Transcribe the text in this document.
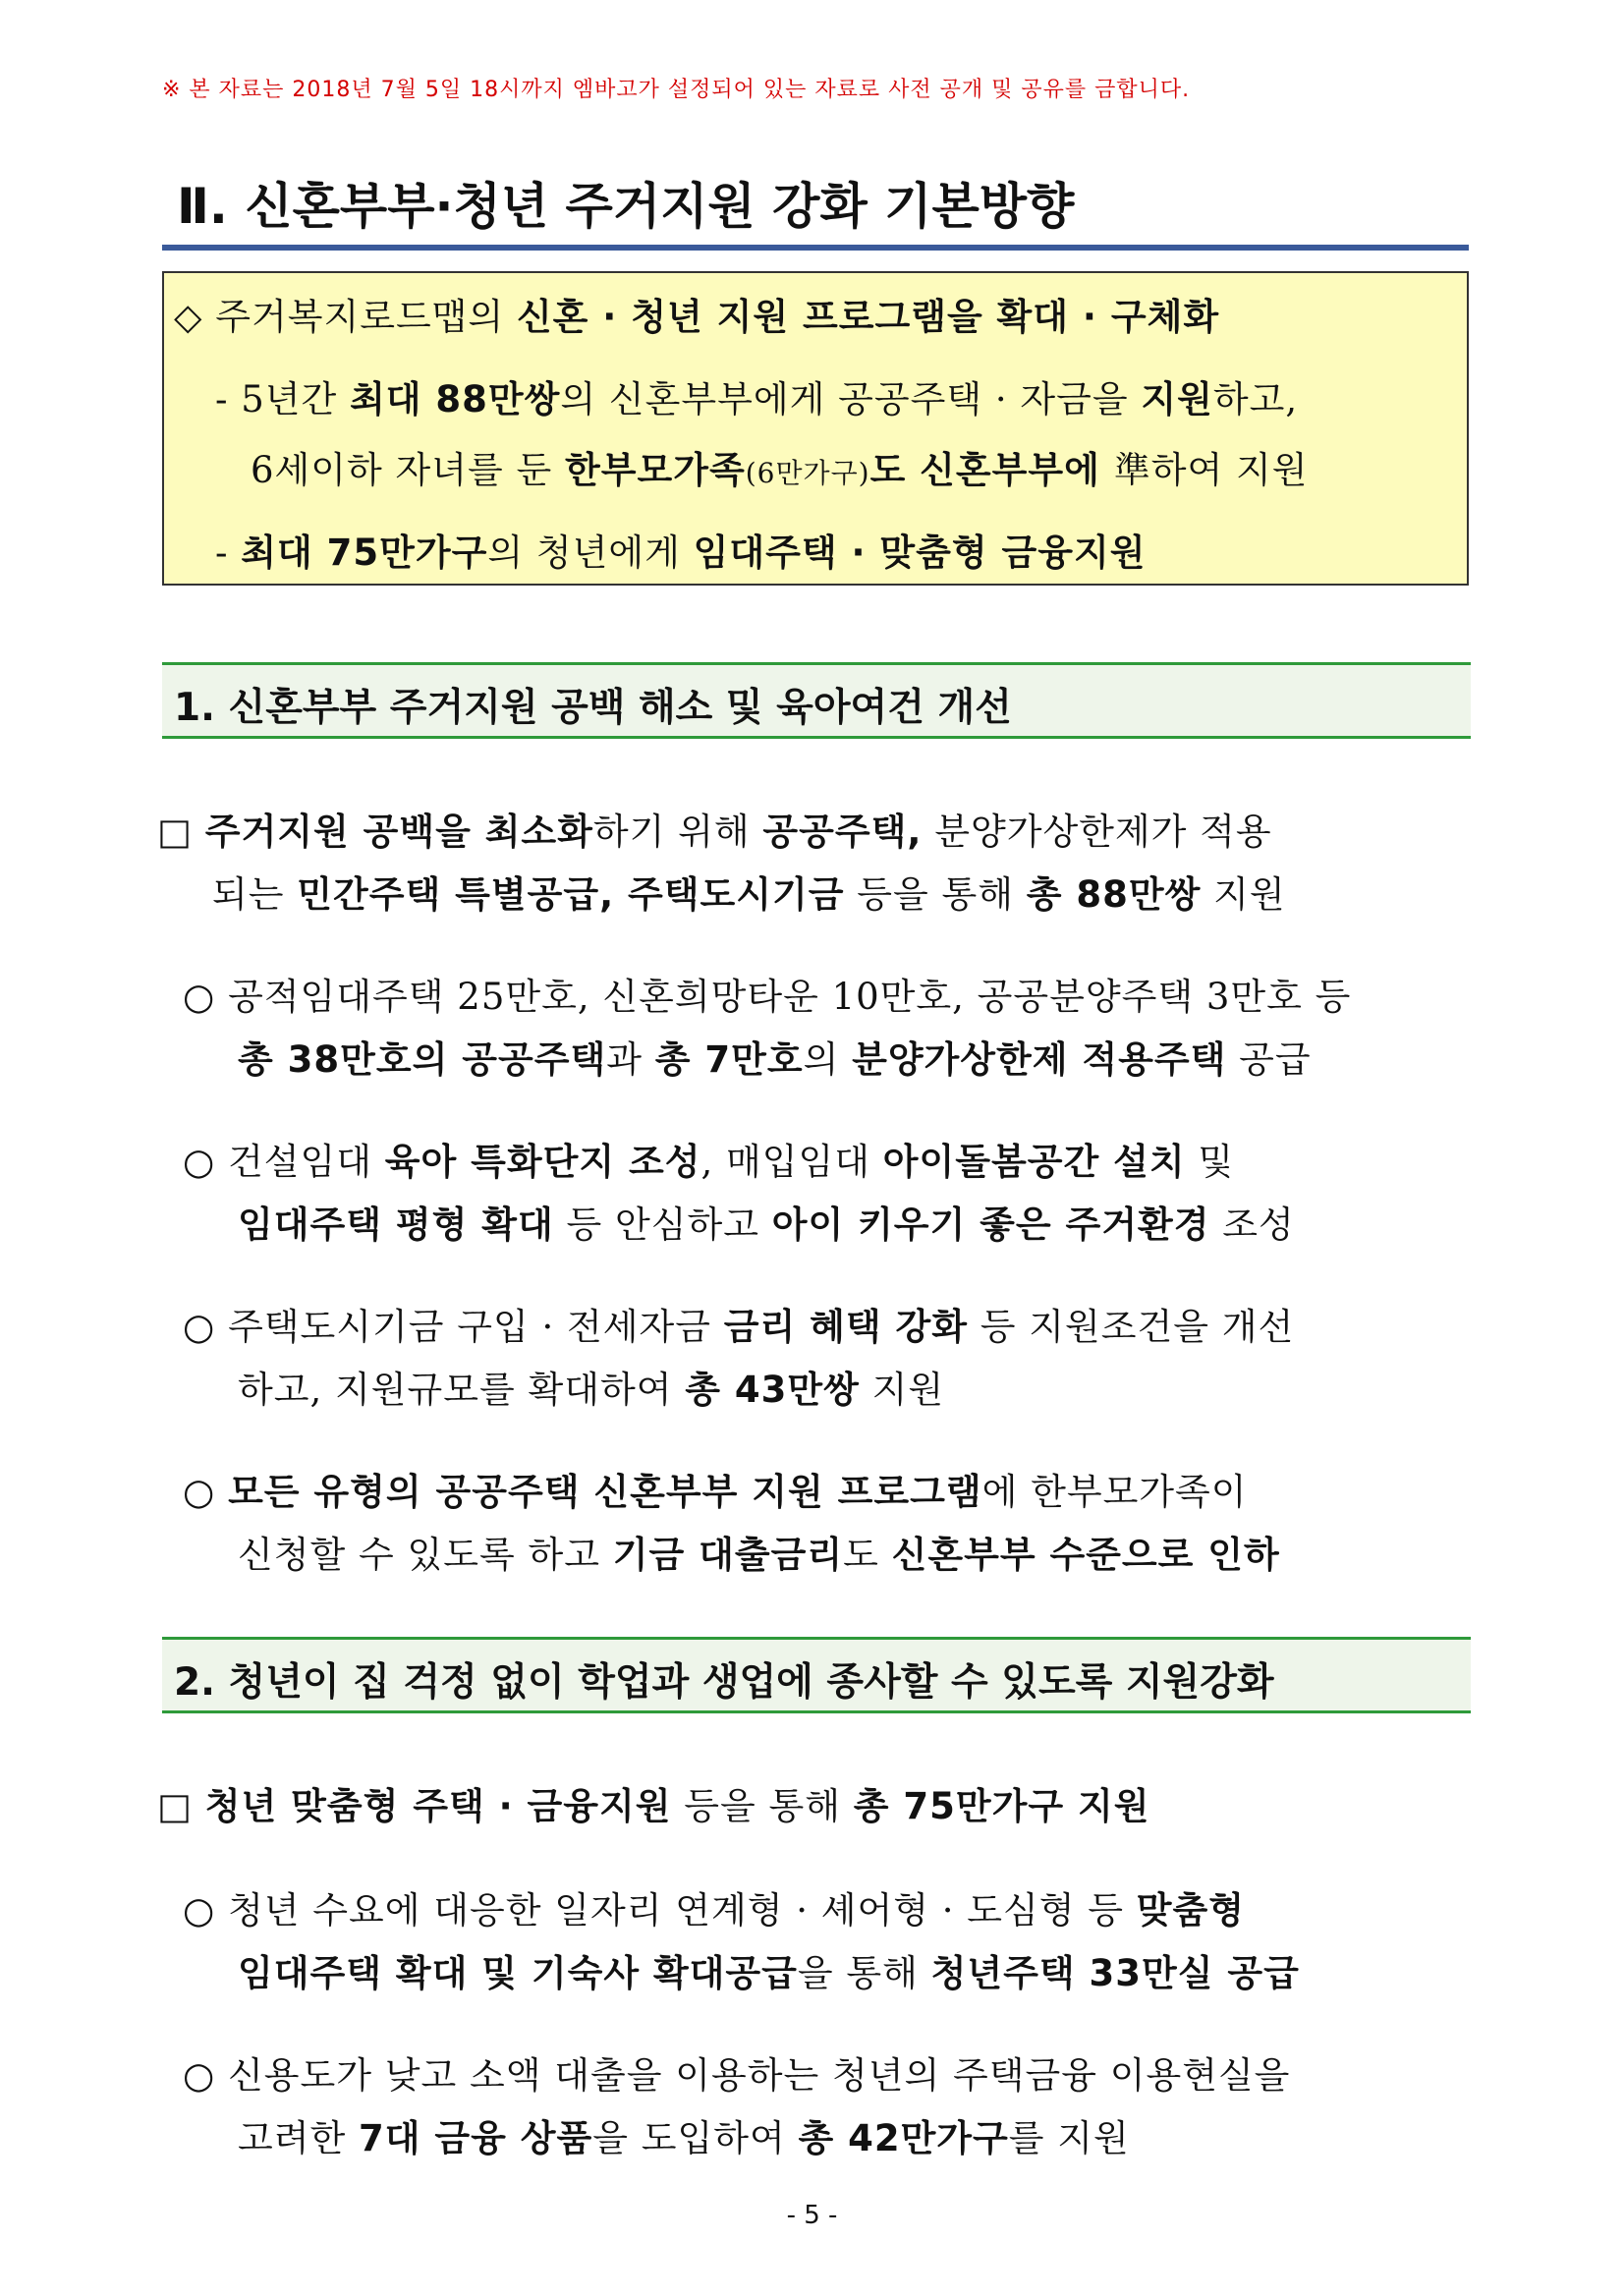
※ 본 자료는 2018년 7월 5일 18시까지 엠바고가 설정되어 있는 자료로 사전 공개 및 공유를 금합니다.
Ⅱ. 신혼부부·청년 주거지원 강화 기본방향
◇ 주거복지로드맵의 신혼 · 청년 지원 프로그램을 확대 · 구체화
- 5년간 최대 88만쌍의 신혼부부에게 공공주택 · 자금을 지원하고,
6세이하 자녀를 둔 한부모가족(6만가구)도 신혼부부에 準하여 지원
- 최대 75만가구의 청년에게 임대주택 · 맞춤형 금융지원
1. 신혼부부 주거지원 공백 해소 및 육아여건 개선
□ 주거지원 공백을 최소화하기 위해 공공주택, 분양가상한제가 적용
되는 민간주택 특별공급, 주택도시기금 등을 통해 총 88만쌍 지원
○ 공적임대주택 25만호, 신혼희망타운 10만호, 공공분양주택 3만호 등
총 38만호의 공공주택과 총 7만호의 분양가상한제 적용주택 공급
○ 건설임대 육아 특화단지 조성, 매입임대 아이돌봄공간 설치 및
임대주택 평형 확대 등 안심하고 아이 키우기 좋은 주거환경 조성
○ 주택도시기금 구입 · 전세자금 금리 혜택 강화 등 지원조건을 개선
하고, 지원규모를 확대하여 총 43만쌍 지원
○ 모든 유형의 공공주택 신혼부부 지원 프로그램에 한부모가족이
신청할 수 있도록 하고 기금 대출금리도 신혼부부 수준으로 인하
2. 청년이 집 걱정 없이 학업과 생업에 종사할 수 있도록 지원강화
□ 청년 맞춤형 주택 · 금융지원 등을 통해 총 75만가구 지원
○ 청년 수요에 대응한 일자리 연계형 · 셰어형 · 도심형 등 맞춤형
임대주택 확대 및 기숙사 확대공급을 통해 청년주택 33만실 공급
○ 신용도가 낮고 소액 대출을 이용하는 청년의 주택금융 이용현실을
고려한 7대 금융 상품을 도입하여 총 42만가구를 지원
- 5 -
